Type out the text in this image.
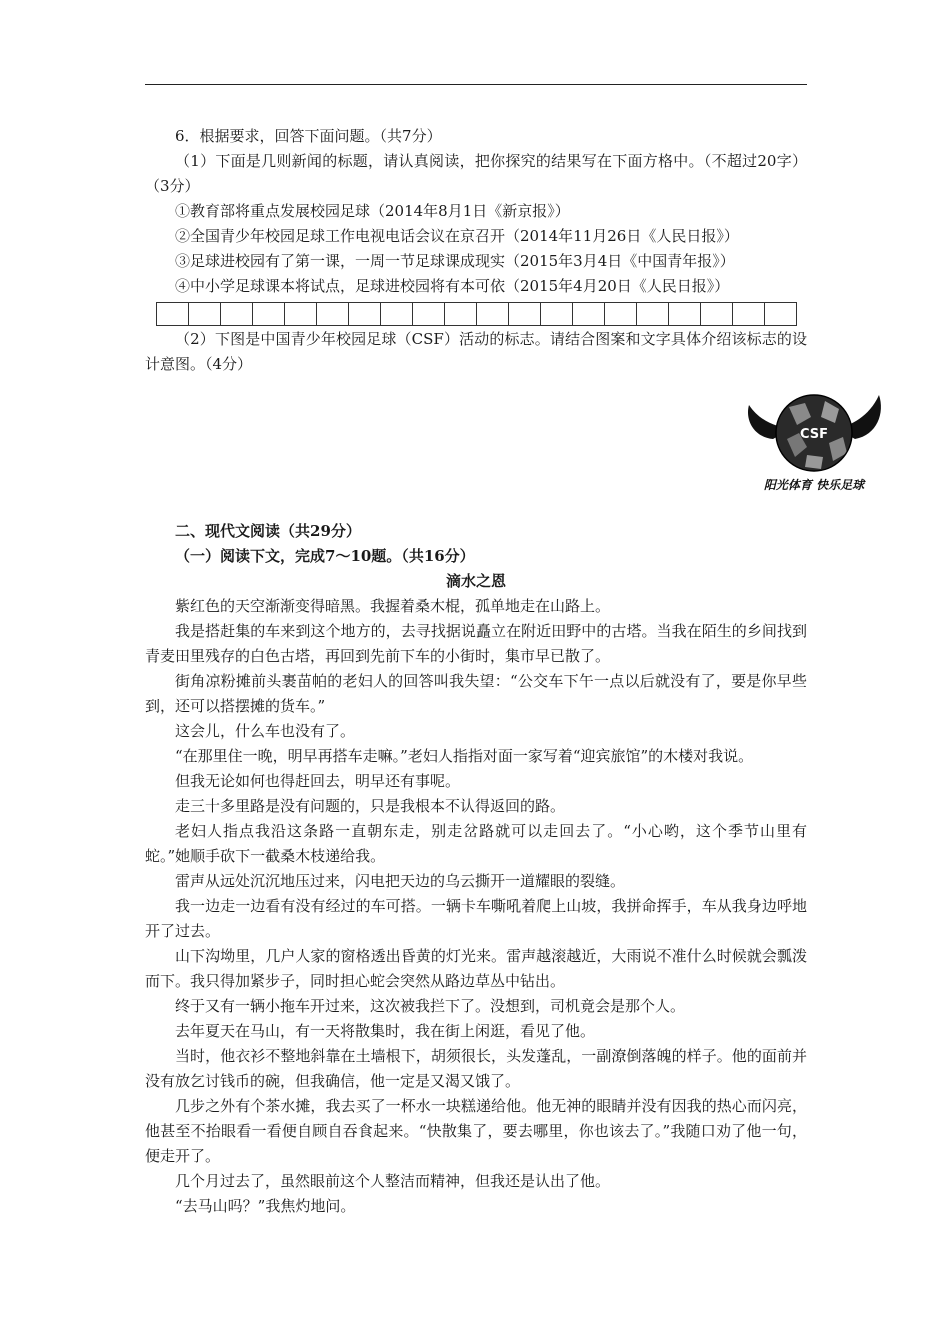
6．根据要求，回答下面问题。（共7分）

（1）下面是几则新闻的标题，请认真阅读，把你探究的结果写在下面方格中。（不超过20字）（3分）

①教育部将重点发展校园足球（2014年8月1日《新京报》）

②全国青少年校园足球工作电视电话会议在京召开（2014年11月26日《人民日报》）

③足球进校园有了第一课，一周一节足球课成现实（2015年3月4日《中国青年报》）

④中小学足球课本将试点，足球进校园将有本可依（2015年4月20日《人民日报》）

（2）下图是中国青少年校园足球（CSF）活动的标志。请结合图案和文字具体介绍该标志的设计意图。（4分）

CSF
阳光体育 快乐足球

二、现代文阅读（共29分）

（一）阅读下文，完成7～10题。（共16分）

滴水之恩

紫红色的天空渐渐变得暗黑。我握着桑木棍，孤单地走在山路上。

我是搭赶集的车来到这个地方的，去寻找据说矗立在附近田野中的古塔。当我在陌生的乡间找到青麦田里残存的白色古塔，再回到先前下车的小街时，集市早已散了。

街角凉粉摊前头裹苗帕的老妇人的回答叫我失望：“公交车下午一点以后就没有了，要是你早些到，还可以搭摆摊的货车。”

这会儿，什么车也没有了。

“在那里住一晚，明早再搭车走嘛。”老妇人指指对面一家写着“迎宾旅馆”的木楼对我说。

但我无论如何也得赶回去，明早还有事呢。

走三十多里路是没有问题的，只是我根本不认得返回的路。

老妇人指点我沿这条路一直朝东走，别走岔路就可以走回去了。“小心哟，这个季节山里有蛇。”她顺手砍下一截桑木枝递给我。

雷声从远处沉沉地压过来，闪电把天边的乌云撕开一道耀眼的裂缝。

我一边走一边看有没有经过的车可搭。一辆卡车嘶吼着爬上山坡，我拼命挥手，车从我身边呼地开了过去。

山下沟坳里，几户人家的窗格透出昏黄的灯光来。雷声越滚越近，大雨说不准什么时候就会瓢泼而下。我只得加紧步子，同时担心蛇会突然从路边草丛中钻出。

终于又有一辆小拖车开过来，这次被我拦下了。没想到，司机竟会是那个人。

去年夏天在马山，有一天将散集时，我在街上闲逛，看见了他。

当时，他衣衫不整地斜靠在土墙根下，胡须很长，头发蓬乱，一副潦倒落魄的样子。他的面前并没有放乞讨钱币的碗，但我确信，他一定是又渴又饿了。

几步之外有个茶水摊，我去买了一杯水一块糕递给他。他无神的眼睛并没有因我的热心而闪亮，他甚至不抬眼看一看便自顾自吞食起来。“快散集了，要去哪里，你也该去了。”我随口劝了他一句，便走开了。

几个月过去了，虽然眼前这个人整洁而精神，但我还是认出了他。

“去马山吗？”我焦灼地问。
